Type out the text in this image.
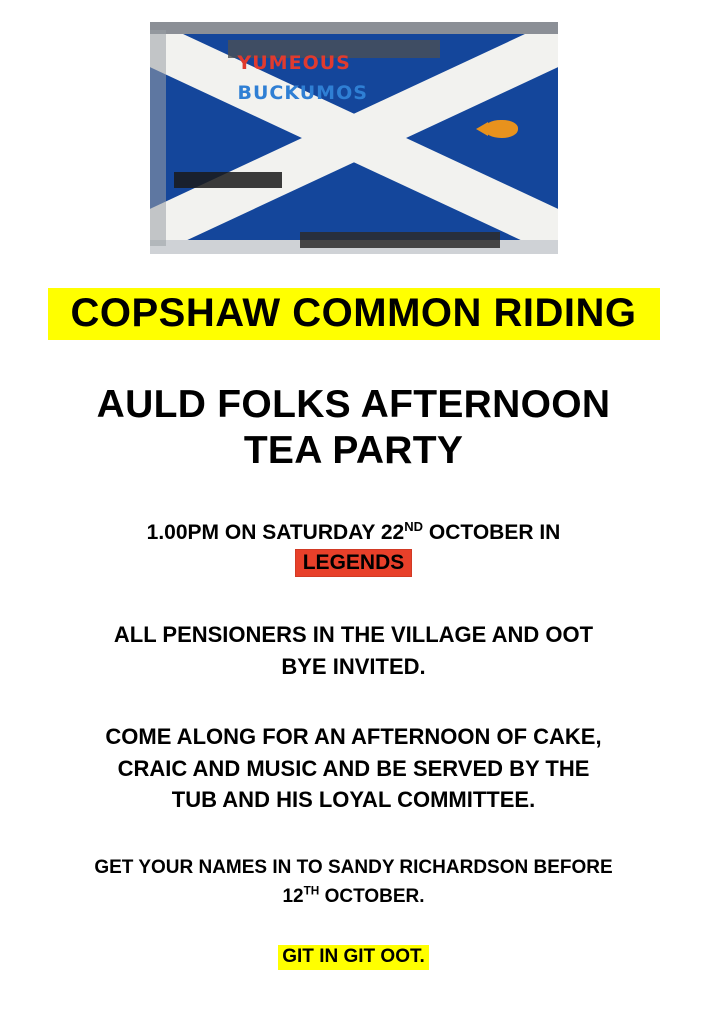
YUMEOUS
BUCKUMOS
COPSHAW COMMON RIDING
AULD FOLKS AFTERNOON
TEA PARTY
1.00PM ON SATURDAY 22ND OCTOBER IN
LEGENDS
ALL PENSIONERS IN THE VILLAGE AND OOT
BYE INVITED.
COME ALONG FOR AN AFTERNOON OF CAKE,
CRAIC AND MUSIC AND BE SERVED BY THE
TUB AND HIS LOYAL COMMITTEE.
GET YOUR NAMES IN TO SANDY RICHARDSON BEFORE
12TH OCTOBER.
GIT IN GIT OOT.
